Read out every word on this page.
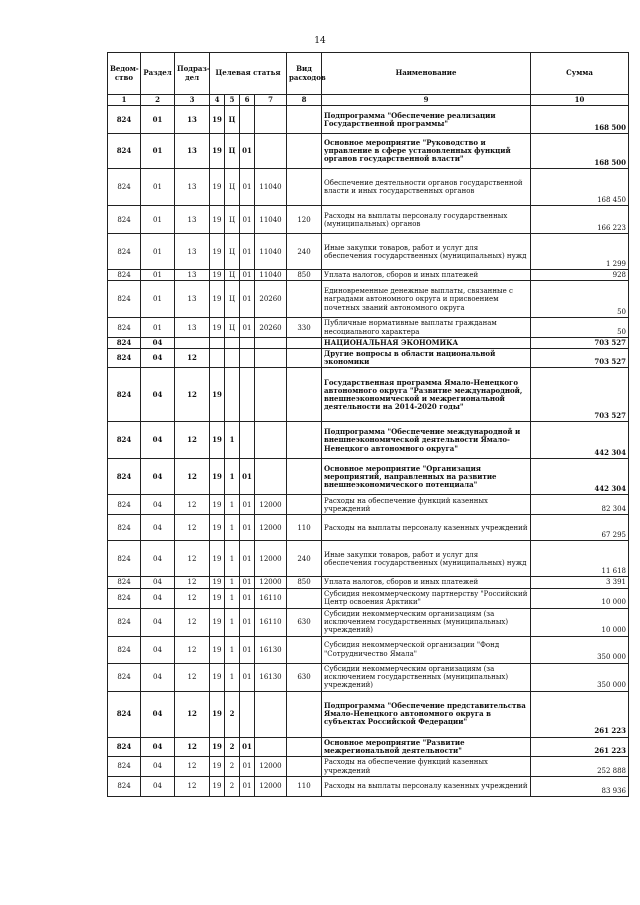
14
Ведом-ство	Раздел	Подраз-дел	Целевая статья				Вид расходов	Наименование	Сумма
1	2	3	4	5	6	7	8	9	10
824	01	13	19	Ц				Подпрограмма "Обеспечение реализации Государственной программы"	168 500
824	01	13	19	Ц	01			Основное мероприятие "Руководство и управление в сфере установленных функций органов государственной власти"	168 500
824	01	13	19	Ц	01	11040		Обеспечение деятельности органов государственной власти и иных государственных органов	168 450
824	01	13	19	Ц	01	11040	120	Расходы на выплаты персоналу государственных (муниципальных) органов	166 223
824	01	13	19	Ц	01	11040	240	Иные закупки товаров, работ и услуг для обеспечения государственных (муниципальных) нужд	1 299
824	01	13	19	Ц	01	11040	850	Уплата налогов, сборов и иных платежей	928
824	01	13	19	Ц	01	20260		Единовременные денежные выплаты, связанные с наградами автономного округа и присвоением почетных званий автономного округа	50
824	01	13	19	Ц	01	20260	330	Публичные нормативные выплаты гражданам несоциального характера	50
824	04							НАЦИОНАЛЬНАЯ ЭКОНОМИКА	703 527
824	04	12						Другие вопросы в области национальной экономики	703 527
824	04	12	19					Государственная программа Ямало-Ненецкого автономного округа "Развитие международной, внешнеэкономической и межрегиональной деятельности на 2014-2020 годы"	703 527
824	04	12	19	1				Подпрограмма "Обеспечение международной и внешнеэкономической деятельности Ямало-Ненецкого автономного округа"	442 304
824	04	12	19	1	01			Основное мероприятие "Организация мероприятий, направленных на развитие внешнеэкономического потенциала"	442 304
824	04	12	19	1	01	12000		Расходы на обеспечение функций казенных учреждений	82 304
824	04	12	19	1	01	12000	110	Расходы на выплаты персоналу казенных учреждений	67 295
824	04	12	19	1	01	12000	240	Иные закупки товаров, работ и услуг для обеспечения государственных (муниципальных) нужд	11 618
824	04	12	19	1	01	12000	850	Уплата налогов, сборов и иных платежей	3 391
824	04	12	19	1	01	16110		Субсидия некоммерческому партнерству "Российский Центр освоения Арктики"	10 000
824	04	12	19	1	01	16110	630	Субсидии некоммерческим организациям (за исключением государственных (муниципальных) учреждений)	10 000
824	04	12	19	1	01	16130		Субсидия некоммерческой организации "Фонд "Сотрудничество Ямала"	350 000
824	04	12	19	1	01	16130	630	Субсидии некоммерческим организациям (за исключением государственных (муниципальных) учреждений)	350 000
824	04	12	19	2				Подпрограмма "Обеспечение представительства Ямало-Ненецкого автономного округа в субъектах Российской Федерации"	261 223
824	04	12	19	2	01			Основное мероприятие "Развитие межрегиональной деятельности"	261 223
824	04	12	19	2	01	12000		Расходы на обеспечение функций казенных учреждений	252 888
824	04	12	19	2	01	12000	110	Расходы на выплаты персоналу казенных учреждений	83 936
